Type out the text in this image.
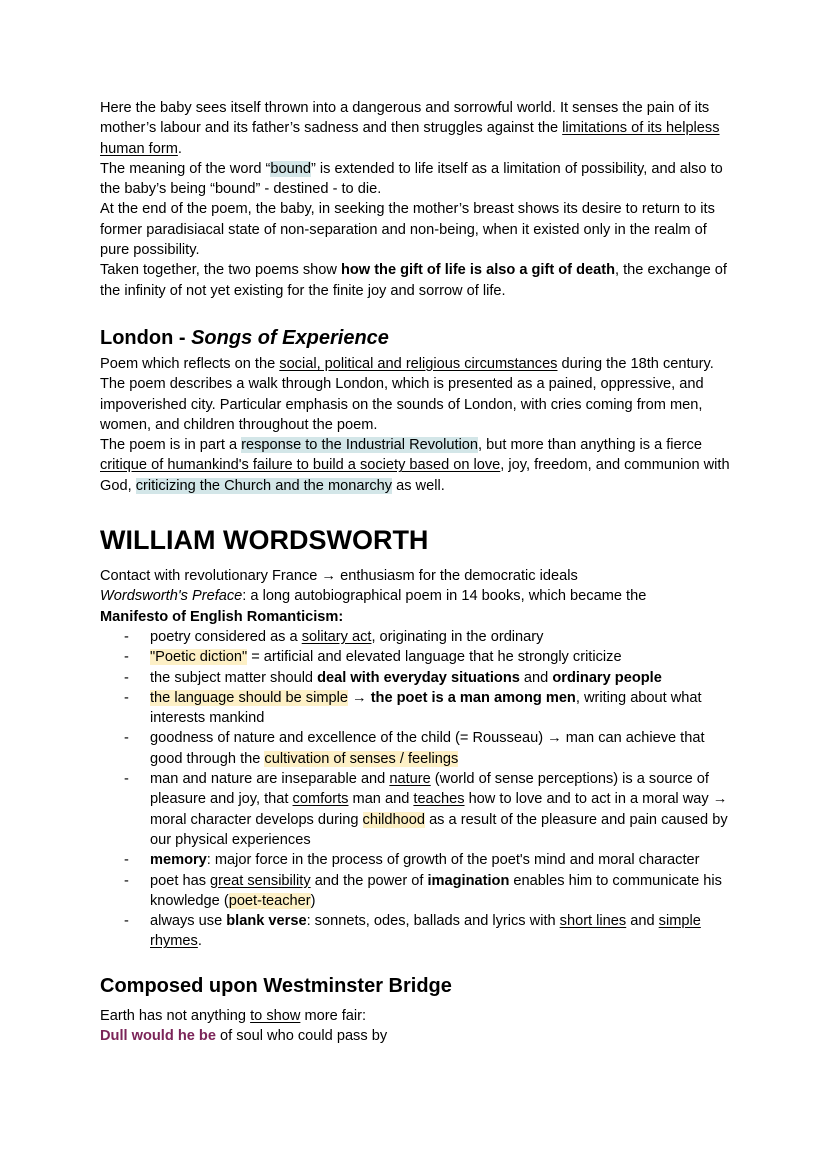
Here the baby sees itself thrown into a dangerous and sorrowful world. It senses the pain of its mother’s labour and its father’s sadness and then struggles against the limitations of its helpless human form.

The meaning of the word “bound” is extended to life itself as a limitation of possibility, and also to the baby’s being “bound” - destined - to die.

At the end of the poem, the baby, in seeking the mother’s breast shows its desire to return to its former paradisiacal state of non-separation and non-being, when it existed only in the realm of pure possibility.

Taken together, the two poems show how the gift of life is also a gift of death, the exchange of the infinity of not yet existing for the finite joy and sorrow of life.

London - Songs of Experience

Poem which reflects on the social, political and religious circumstances during the 18th century.

The poem describes a walk through London, which is presented as a pained, oppressive, and impoverished city. Particular emphasis on the sounds of London, with cries coming from men, women, and children throughout the poem.

The poem is in part a response to the Industrial Revolution, but more than anything is a fierce critique of humankind's failure to build a society based on love, joy, freedom, and communion with God, criticizing the Church and the monarchy as well.

WILLIAM WORDSWORTH

Contact with revolutionary France → enthusiasm for the democratic ideals

Wordsworth's Preface: a long autobiographical poem in 14 books, which became the

Manifesto of English Romanticism:

- poetry considered as a solitary act, originating in the ordinary
- "Poetic diction" = artificial and elevated language that he strongly criticize
- the subject matter should deal with everyday situations and ordinary people
- the language should be simple → the poet is a man among men, writing about what interests mankind
- goodness of nature and excellence of the child (= Rousseau) → man can achieve that good through the cultivation of senses / feelings
- man and nature are inseparable and nature (world of sense perceptions) is a source of pleasure and joy, that comforts man and teaches how to love and to act in a moral way → moral character develops during childhood as a result of the pleasure and pain caused by our physical experiences
- memory: major force in the process of growth of the poet's mind and moral character
- poet has great sensibility and the power of imagination enables him to communicate his knowledge (poet-teacher)
- always use blank verse: sonnets, odes, ballads and lyrics with short lines and simple rhymes.
Composed upon Westminster Bridge

Earth has not anything to show more fair:

Dull would he be of soul who could pass by
